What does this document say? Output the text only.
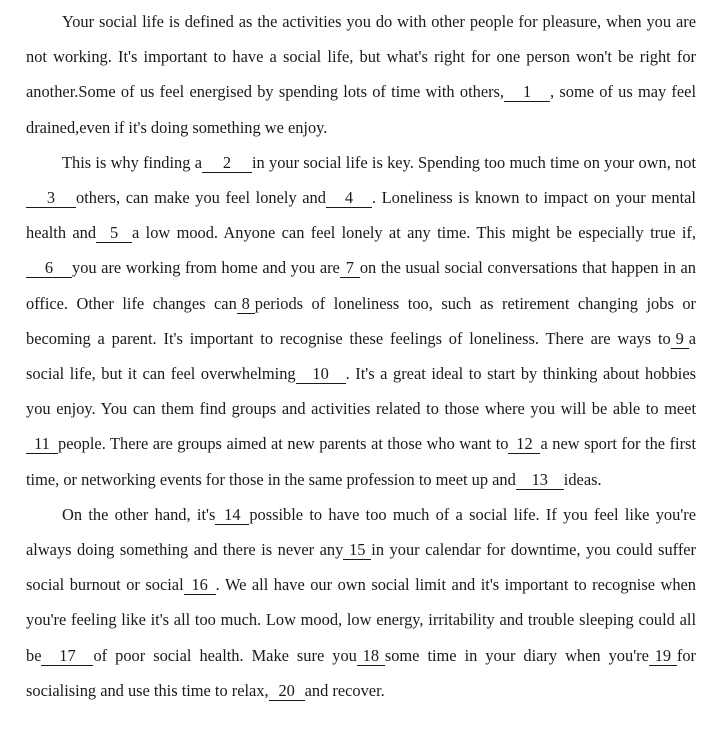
Your social life is defined as the activities you do with other people for pleasure, when you are not working. It's important to have a social life, but what's right for one person won't be right for another.Some of us feel energised by spending lots of time with others, 1 , some of us may feel drained,even if it's doing something we enjoy.

This is why finding a 2 in your social life is key. Spending too much time on your own, not3 others, can make you feel lonely and 4 . Loneliness is known to impact on your mental health and 5 a low mood. Anyone can feel lonely at any time. This might be especially true if,6 you are working from home and you are 7 on the usual social conversations that happen in an office. Other life changes can 8 periods of loneliness too, such as retirement changing jobs or becoming a parent. It's important to recognise these feelings of loneliness. There are ways to 9 a social life, but it can feel overwhelming 10 . It's a great ideal to start by thinking about hobbies you enjoy. You can them find groups and activities related to those where you will be able to meet11 people. There are groups aimed at new parents at those who want to 12 a new sport for the first time, or networking events for those in the same profession to meet up and 13 ideas.

On the other hand, it's 14 possible to have too much of a social life. If you feel like you're always doing something and there is never any 15 in your calendar for downtime, you could suffer social burnout or social 16 . We all have our own social limit and it's important to recognise when you're feeling like it's all too much. Low mood, low energy, irritability and trouble sleeping could all be 17 of poor social health. Make sure you 18 some time in your diary when you're 19 for socialising and use this time to relax, 20 and recover.
